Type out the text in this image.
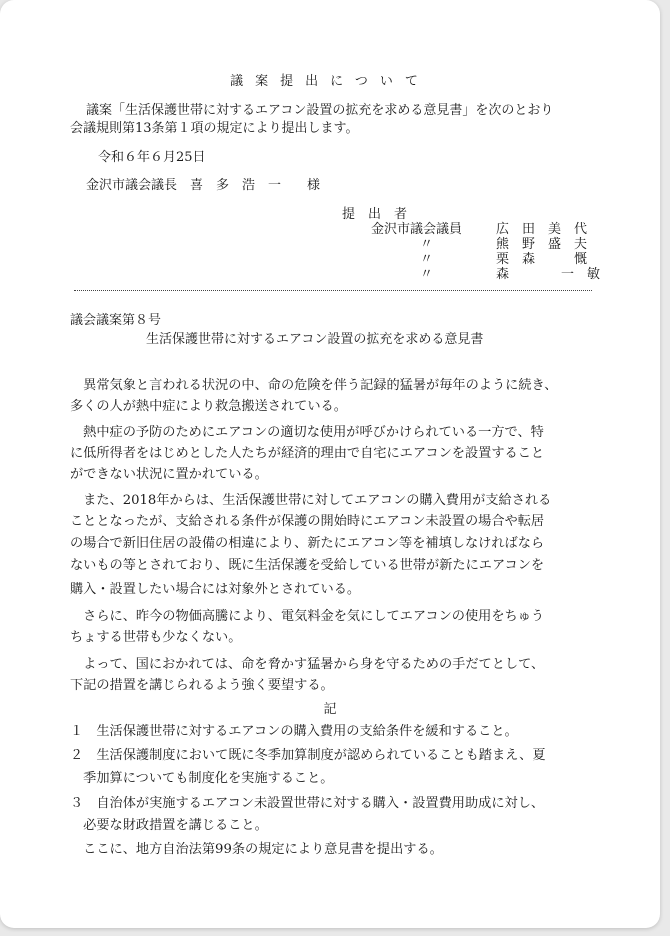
議案提出について
議案「生活保護世帯に対するエアコン設置の拡充を求める意見書」を次のとおり
会議規則第13条第１項の規定により提出します。
令和６年６月25日
金沢市議会議長　喜　多　浩　一　　様
提　出　者
金沢市議会議員	広　田　美　代
〃	熊　野　盛　夫
〃	栗　森　　　慨
〃	森　　　　一　敏
議会議案第８号
生活保護世帯に対するエアコン設置の拡充を求める意見書
　異常気象と言われる状況の中、命の危険を伴う記録的猛暑が毎年のように続き、
多くの人が熱中症により救急搬送されている。
　熱中症の予防のためにエアコンの適切な使用が呼びかけられている一方で、特
に低所得者をはじめとした人たちが経済的理由で自宅にエアコンを設置すること
ができない状況に置かれている。
　また、2018年からは、生活保護世帯に対してエアコンの購入費用が支給される
こととなったが、支給される条件が保護の開始時にエアコン未設置の場合や転居
の場合で新旧住居の設備の相違により、新たにエアコン等を補填しなければなら
ないもの等とされており、既に生活保護を受給している世帯が新たにエアコンを
購入・設置したい場合には対象外とされている。
　さらに、昨今の物価高騰により、電気料金を気にしてエアコンの使用をちゅう
ちょする世帯も少なくない。
　よって、国におかれては、命を脅かす猛暑から身を守るための手だてとして、
下記の措置を講じられるよう強く要望する。
記
１　生活保護世帯に対するエアコンの購入費用の支給条件を緩和すること。
２　生活保護制度において既に冬季加算制度が認められていることも踏まえ、夏
　季加算についても制度化を実施すること。
３　自治体が実施するエアコン未設置世帯に対する購入・設置費用助成に対し、
　必要な財政措置を講じること。
　ここに、地方自治法第99条の規定により意見書を提出する。
